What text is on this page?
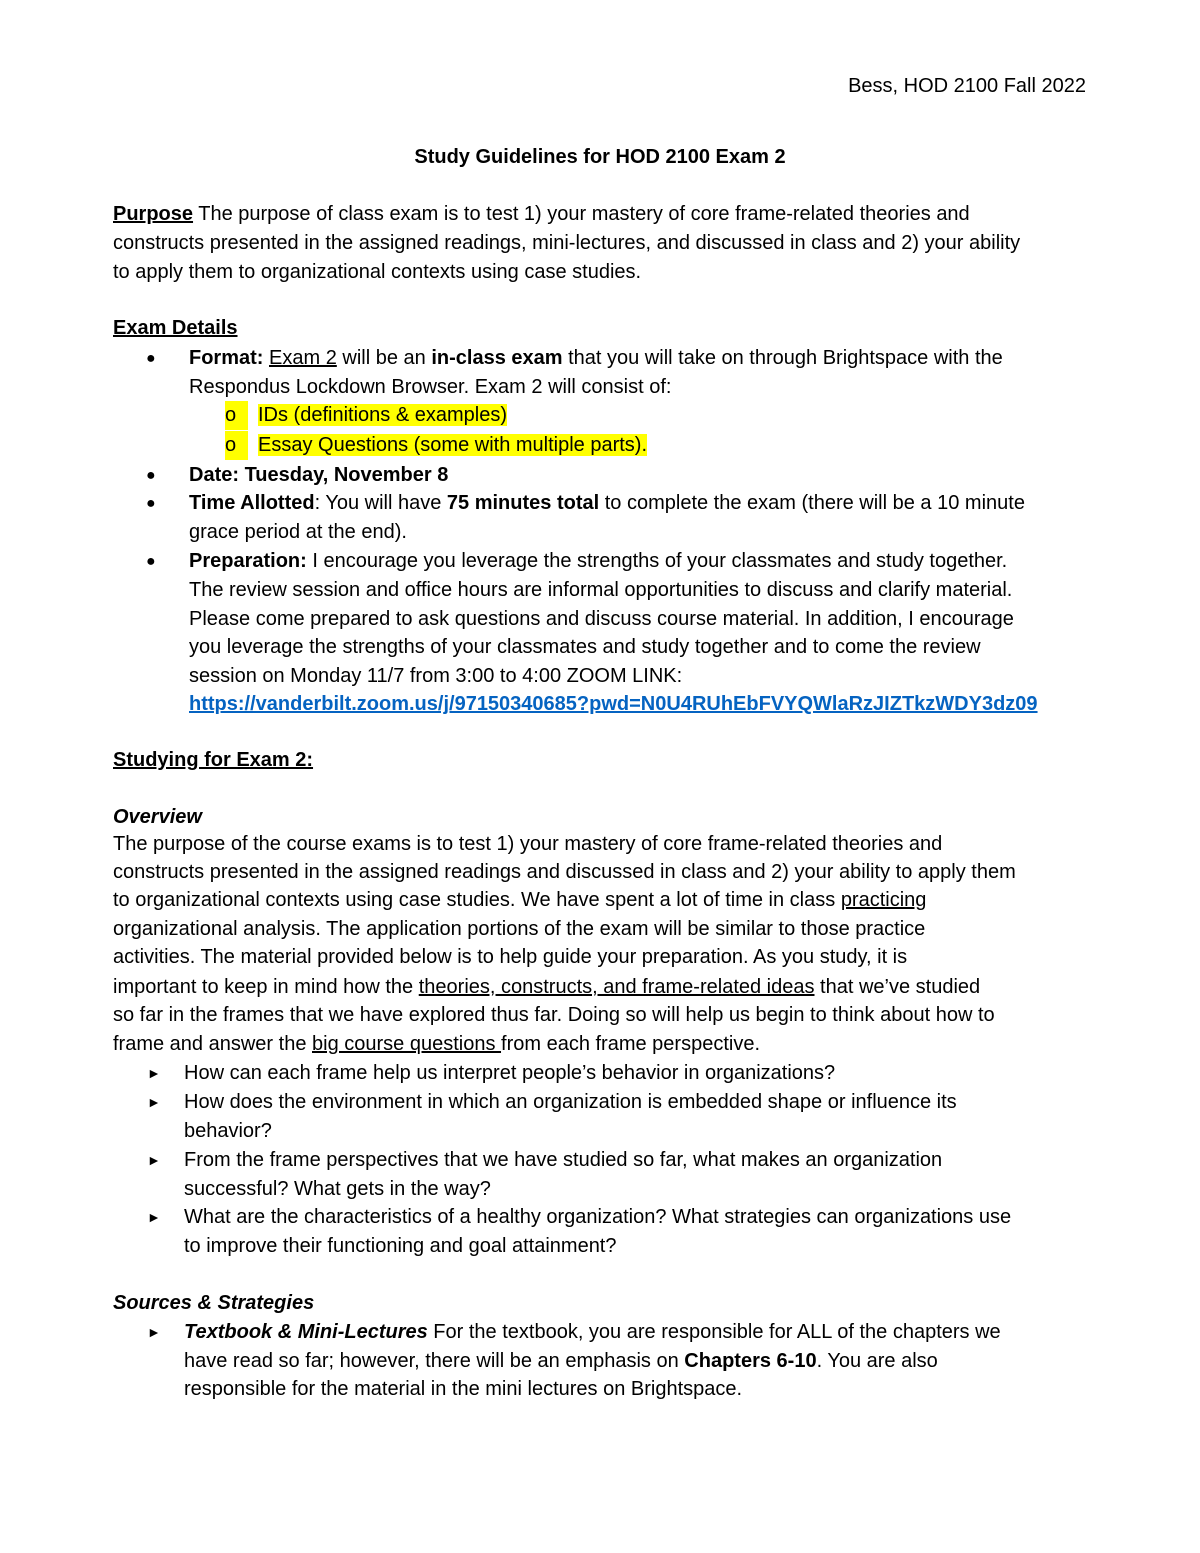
Bess, HOD 2100 Fall 2022
Study Guidelines for HOD 2100 Exam 2
Purpose The purpose of class exam is to test 1) your mastery of core frame-related theories and
constructs presented in the assigned readings, mini-lectures, and discussed in class and 2) your ability
to apply them to organizational contexts using case studies.
Exam Details
● Format: Exam 2 will be an in-class exam that you will take on through Brightspace with the
Respondus Lockdown Browser. Exam 2 will consist of:
o	IDs (definitions & examples)
o	Essay Questions (some with multiple parts).
● Date: Tuesday, November 8
● Time Allotted: You will have 75 minutes total to complete the exam (there will be a 10 minute
grace period at the end).
● Preparation: I encourage you leverage the strengths of your classmates and study together.
The review session and office hours are informal opportunities to discuss and clarify material.
Please come prepared to ask questions and discuss course material. In addition, I encourage
you leverage the strengths of your classmates and study together and to come the review
session on Monday 11/7 from 3:00 to 4:00 ZOOM LINK:
https://vanderbilt.zoom.us/j/97150340685?pwd=N0U4RUhEbFVYQWlaRzJIZTkzWDY3dz09
Studying for Exam 2:
Overview
The purpose of the course exams is to test 1) your mastery of core frame-related theories and
constructs presented in the assigned readings and discussed in class and 2) your ability to apply them
to organizational contexts using case studies. We have spent a lot of time in class practicing
organizational analysis. The application portions of the exam will be similar to those practice
activities. The material provided below is to help guide your preparation. As you study, it is
important to keep in mind how the theories, constructs, and frame-related ideas that we’ve studied
so far in the frames that we have explored thus far. Doing so will help us begin to think about how to
frame and answer the big course questions from each frame perspective.
► How can each frame help us interpret people’s behavior in organizations?
► How does the environment in which an organization is embedded shape or influence its
behavior?
► From the frame perspectives that we have studied so far, what makes an organization
successful? What gets in the way?
► What are the characteristics of a healthy organization? What strategies can organizations use
to improve their functioning and goal attainment?
Sources & Strategies
► Textbook & Mini-Lectures For the textbook, you are responsible for ALL of the chapters we
have read so far; however, there will be an emphasis on Chapters 6-10. You are also
responsible for the material in the mini lectures on Brightspace.
